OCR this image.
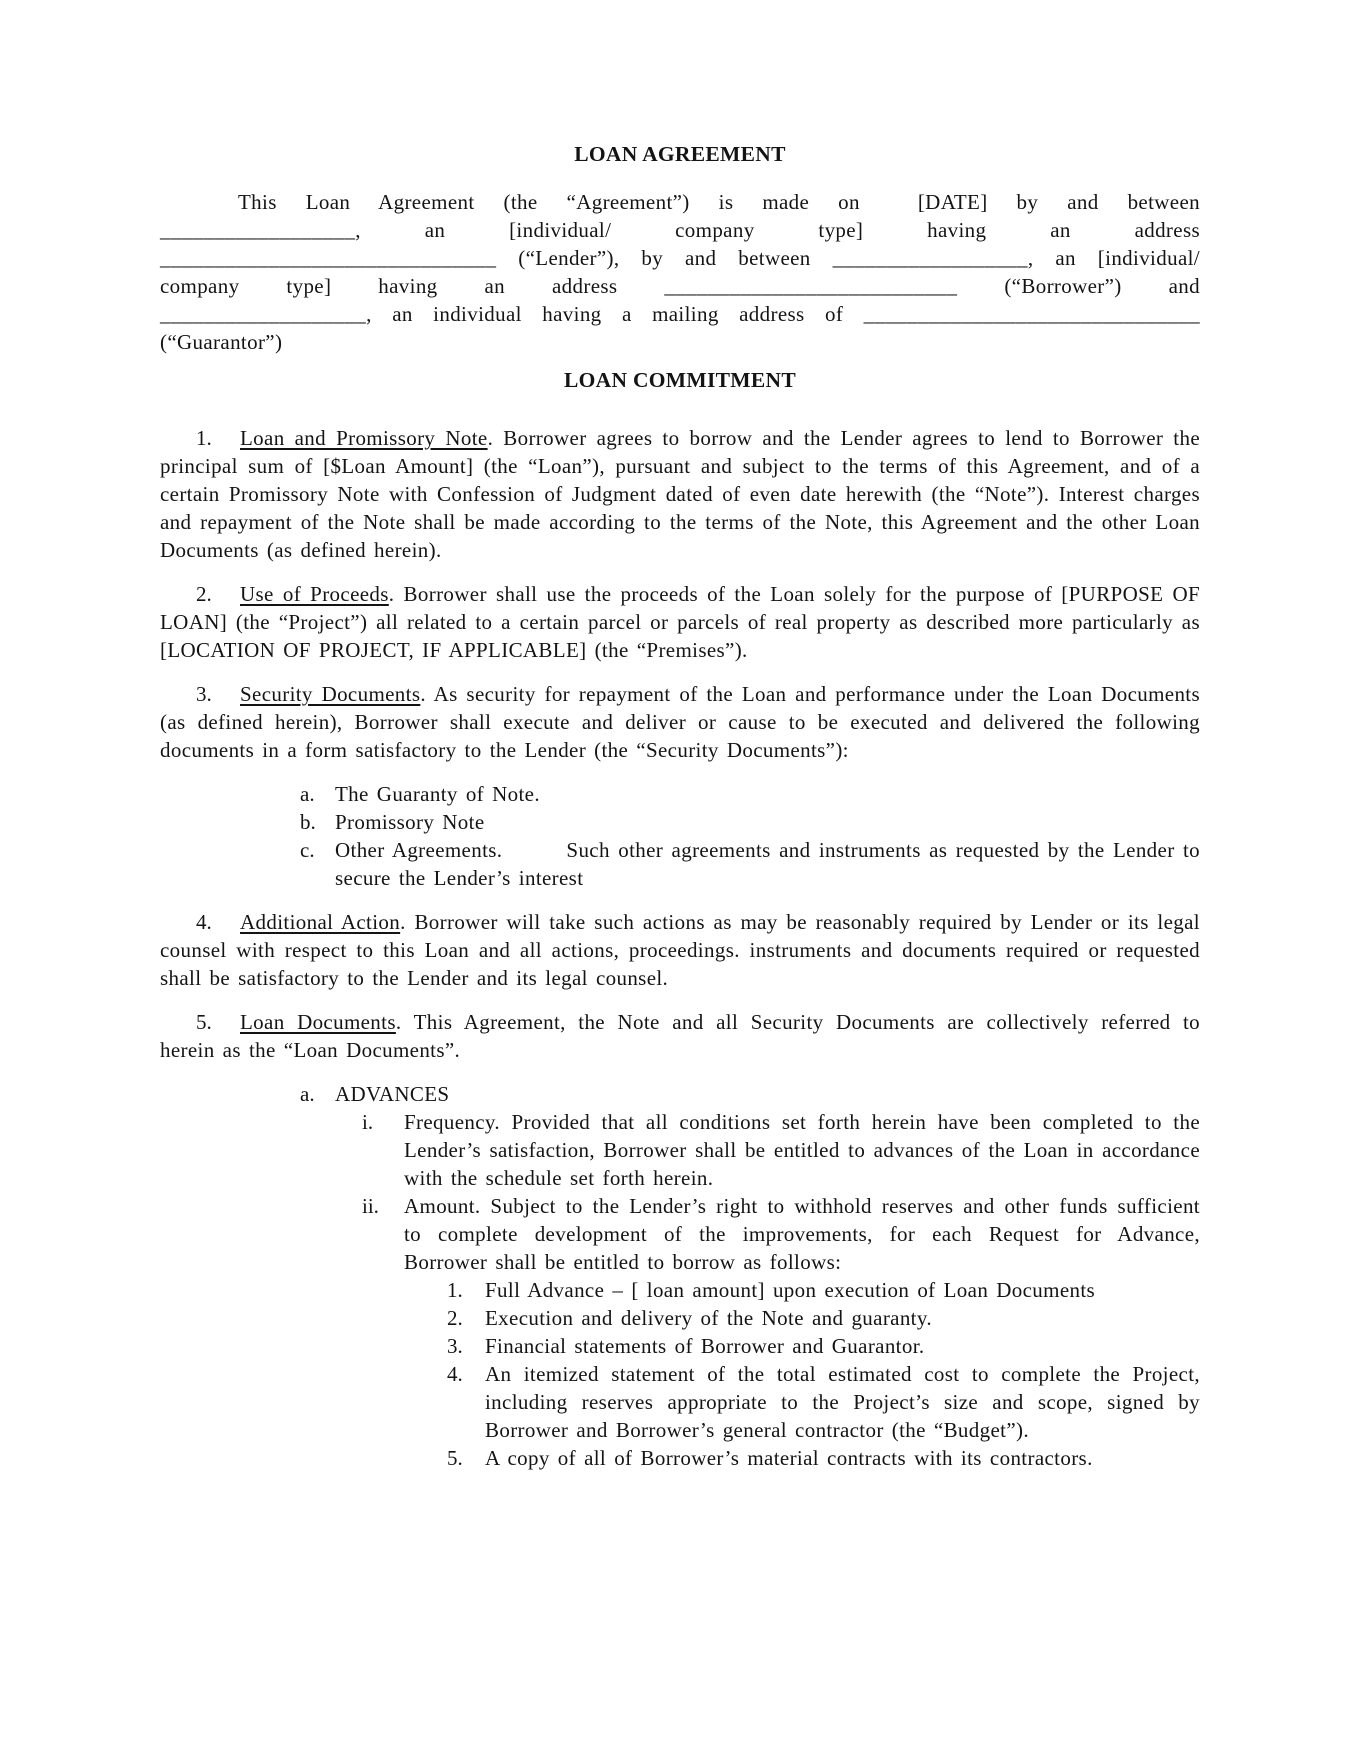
LOAN AGREEMENT
This Loan Agreement (the “Agreement”) is made on  [DATE] by and between
__________________, an [individual/ company type] having an address
_______________________________ (“Lender”), by and between __________________, an [individual/
company type] having an address ___________________________ (“Borrower”) and
___________________, an individual having a mailing address of _______________________________
(“Guarantor”)
LOAN COMMITMENT

1. Loan and Promissory Note. Borrower agrees to borrow and the Lender agrees to lend to Borrower the principal sum of [$Loan Amount] (the “Loan”), pursuant and subject to the terms of this Agreement, and of a certain Promissory Note with Confession of Judgment dated of even date herewith (the “Note”). Interest charges and repayment of the Note shall be made according to the terms of the Note, this Agreement and the other Loan Documents (as defined herein).

2. Use of Proceeds. Borrower shall use the proceeds of the Loan solely for the purpose of [PURPOSE OF LOAN] (the “Project”) all related to a certain parcel or parcels of real property as described more particularly as [LOCATION OF PROJECT, IF APPLICABLE] (the “Premises”).

3. Security Documents. As security for repayment of the Loan and performance under the Loan Documents (as defined herein), Borrower shall execute and deliver or cause to be executed and delivered the following documents in a form satisfactory to the Lender (the “Security Documents”):

a. The Guaranty of Note.
b. Promissory Note
c. Other Agreements.   Such other agreements and instruments as requested by the Lender to secure the Lender’s interest

4. Additional Action. Borrower will take such actions as may be reasonably required by Lender or its legal counsel with respect to this Loan and all actions, proceedings. instruments and documents required or requested shall be satisfactory to the Lender and its legal counsel.

5. Loan Documents. This Agreement, the Note and all Security Documents are collectively referred to herein as the “Loan Documents”.

a. ADVANCES
i.	Frequency. Provided that all conditions set forth herein have been completed to the Lender’s satisfaction, Borrower shall be entitled to advances of the Loan in accordance with the schedule set forth herein.
ii.	Amount. Subject to the Lender’s right to withhold reserves and other funds sufficient to complete development of the improvements, for each Request for Advance, Borrower shall be entitled to borrow as follows:
1.	Full Advance – [ loan amount] upon execution of Loan Documents
2.	Execution and delivery of the Note and guaranty.
3.	Financial statements of Borrower and Guarantor.
4.	An itemized statement of the total estimated cost to complete the Project, including reserves appropriate to the Project’s size and scope, signed by Borrower and Borrower’s general contractor (the “Budget”).
5.	A copy of all of Borrower’s material contracts with its contractors.
